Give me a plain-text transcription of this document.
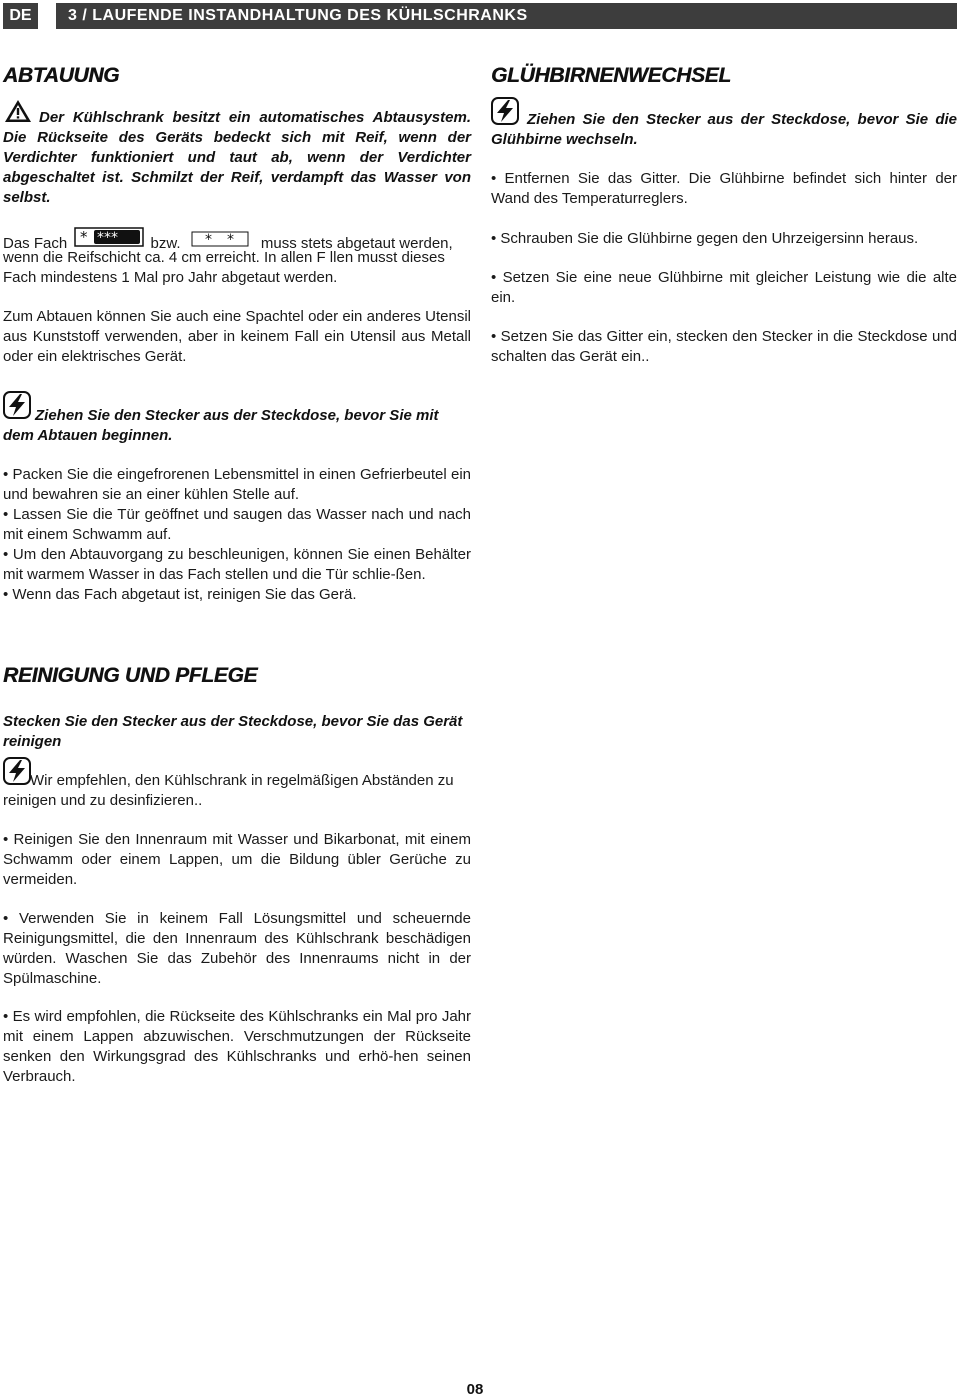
DE	3 / LAUFENDE INSTANDHALTUNG DES KÜHLSCHRANKS
ABTAUUNG
Der Kühlschrank besitzt ein automatisches Abtausystem. Die Rückseite des Geräts bedeckt sich mit Reif, wenn der Verdichter funktioniert und taut ab, wenn der Verdichter abgeschaltet ist. Schmilzt der Reif, verdampft das Wasser von selbst.
Das Fach * *** bzw. * * muss stets abgetaut werden,
wenn die Reifschicht ca. 4 cm erreicht. In allen F llen musst dieses
Fach mindestens 1 Mal pro Jahr abgetaut werden.
Zum Abtauen können Sie auch eine Spachtel oder ein anderes Utensil aus Kunststoff verwenden, aber in keinem Fall ein Utensil aus Metall oder ein elektrisches Gerät.
Ziehen Sie den Stecker aus der Steckdose, bevor Sie mit dem Abtauen beginnen.

• Packen Sie die eingefrorenen Lebensmittel in einen Gefrierbeutel ein und bewahren sie an einer kühlen Stelle auf.

• Lassen Sie die Tür geöffnet und saugen das Wasser nach und nach mit einem Schwamm auf.

• Um den Abtauvorgang zu beschleunigen, können Sie einen Behälter mit warmem Wasser in das Fach stellen und die Tür schlie-ßen.

• Wenn das Fach abgetaut ist, reinigen Sie das Gerä.

GLÜHBIRNENWECHSEL
Ziehen Sie den Stecker aus der Steckdose, bevor Sie die Glühbirne wechseln.
• Entfernen Sie das Gitter. Die Glühbirne befindet sich hinter der Wand des Temperaturreglers.
• Schrauben Sie die Glühbirne gegen den Uhrzeigersinn heraus.
• Setzen Sie eine neue Glühbirne mit gleicher Leistung wie die alte ein.
• Setzen Sie das Gitter ein, stecken den Stecker in die Steckdose und schalten das Gerät ein..
REINIGUNG UND PFLEGE
Stecken Sie den Stecker aus der Steckdose, bevor Sie das Gerät reinigen
Wir empfehlen, den Kühlschrank in regelmäßigen Abständen zu reinigen und zu desinfizieren..
• Reinigen Sie den Innenraum mit Wasser und Bikarbonat, mit einem Schwamm oder einem Lappen, um die Bildung übler Gerüche zu vermeiden.
• Verwenden Sie in keinem Fall Lösungsmittel und scheuernde Reinigungsmittel, die den Innenraum des Kühlschrank beschädigen würden. Waschen Sie das Zubehör des Innenraums nicht in der Spülmaschine.
• Es wird empfohlen, die Rückseite des Kühlschranks ein Mal pro Jahr mit einem Lappen abzuwischen. Verschmutzungen der Rückseite senken den Wirkungsgrad des Kühlschranks und erhö-hen seinen Verbrauch.
08
